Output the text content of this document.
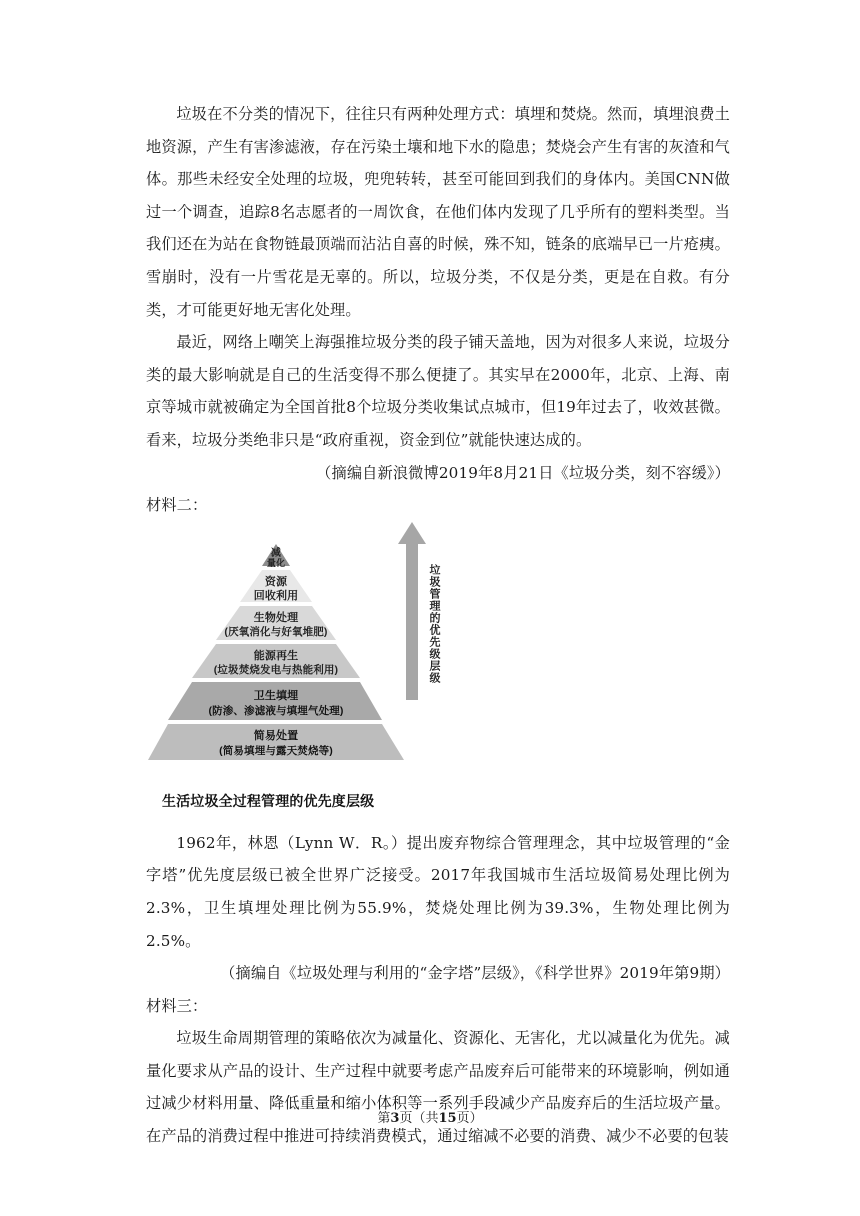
垃圾在不分类的情况下，往往只有两种处理方式：填埋和焚烧。然而，填埋浪费土地资源，产生有害渗滤液，存在污染土壤和地下水的隐患；焚烧会产生有害的灰渣和气体。那些未经安全处理的垃圾，兜兜转转，甚至可能回到我们的身体内。美国CNN做过一个调查，追踪8名志愿者的一周饮食，在他们体内发现了几乎所有的塑料类型。当我们还在为站在食物链最顶端而沾沾自喜的时候，殊不知，链条的底端早已一片疮痍。雪崩时，没有一片雪花是无辜的。所以，垃圾分类，不仅是分类，更是在自救。有分类，才可能更好地无害化处理。

最近，网络上嘲笑上海强推垃圾分类的段子铺天盖地，因为对很多人来说，垃圾分类的最大影响就是自己的生活变得不那么便捷了。其实早在2000年，北京、上海、南京等城市就被确定为全国首批8个垃圾分类收集试点城市，但19年过去了，收效甚微。看来，垃圾分类绝非只是“政府重视，资金到位”就能快速达成的。

（摘编自新浪微博2019年8月21日《垃圾分类，刻不容缓》）

材料二：

减
量化
资源
回收利用
生物处理
(厌氧消化与好氧堆肥)
能源再生
(垃圾焚烧发电与热能利用)
卫生填埋
(防渗、渗滤液与填埋气处理)
简易处置
(简易填埋与露天焚烧等)
垃圾管理的优先级层级
生活垃圾全过程管理的优先度层级

1962年，林恩（Lynn W．R。）提出废弃物综合管理理念，其中垃圾管理的“金字塔”优先度层级已被全世界广泛接受。2017年我国城市生活垃圾简易处理比例为2.3%，卫生填埋处理比例为55.9%，焚烧处理比例为39.3%，生物处理比例为2.5%。

（摘编自《垃圾处理与利用的“金字塔”层级》，《科学世界》2019年第9期）

材料三：

垃圾生命周期管理的策略依次为减量化、资源化、无害化，尤以减量化为优先。减量化要求从产品的设计、生产过程中就要考虑产品废弃后可能带来的环境影响，例如通过减少材料用量、降低重量和缩小体积等一系列手段减少产品废弃后的生活垃圾产量。在产品的消费过程中推进可持续消费模式，通过缩减不必要的消费、减少不必要的包装

第3页（共15页）
